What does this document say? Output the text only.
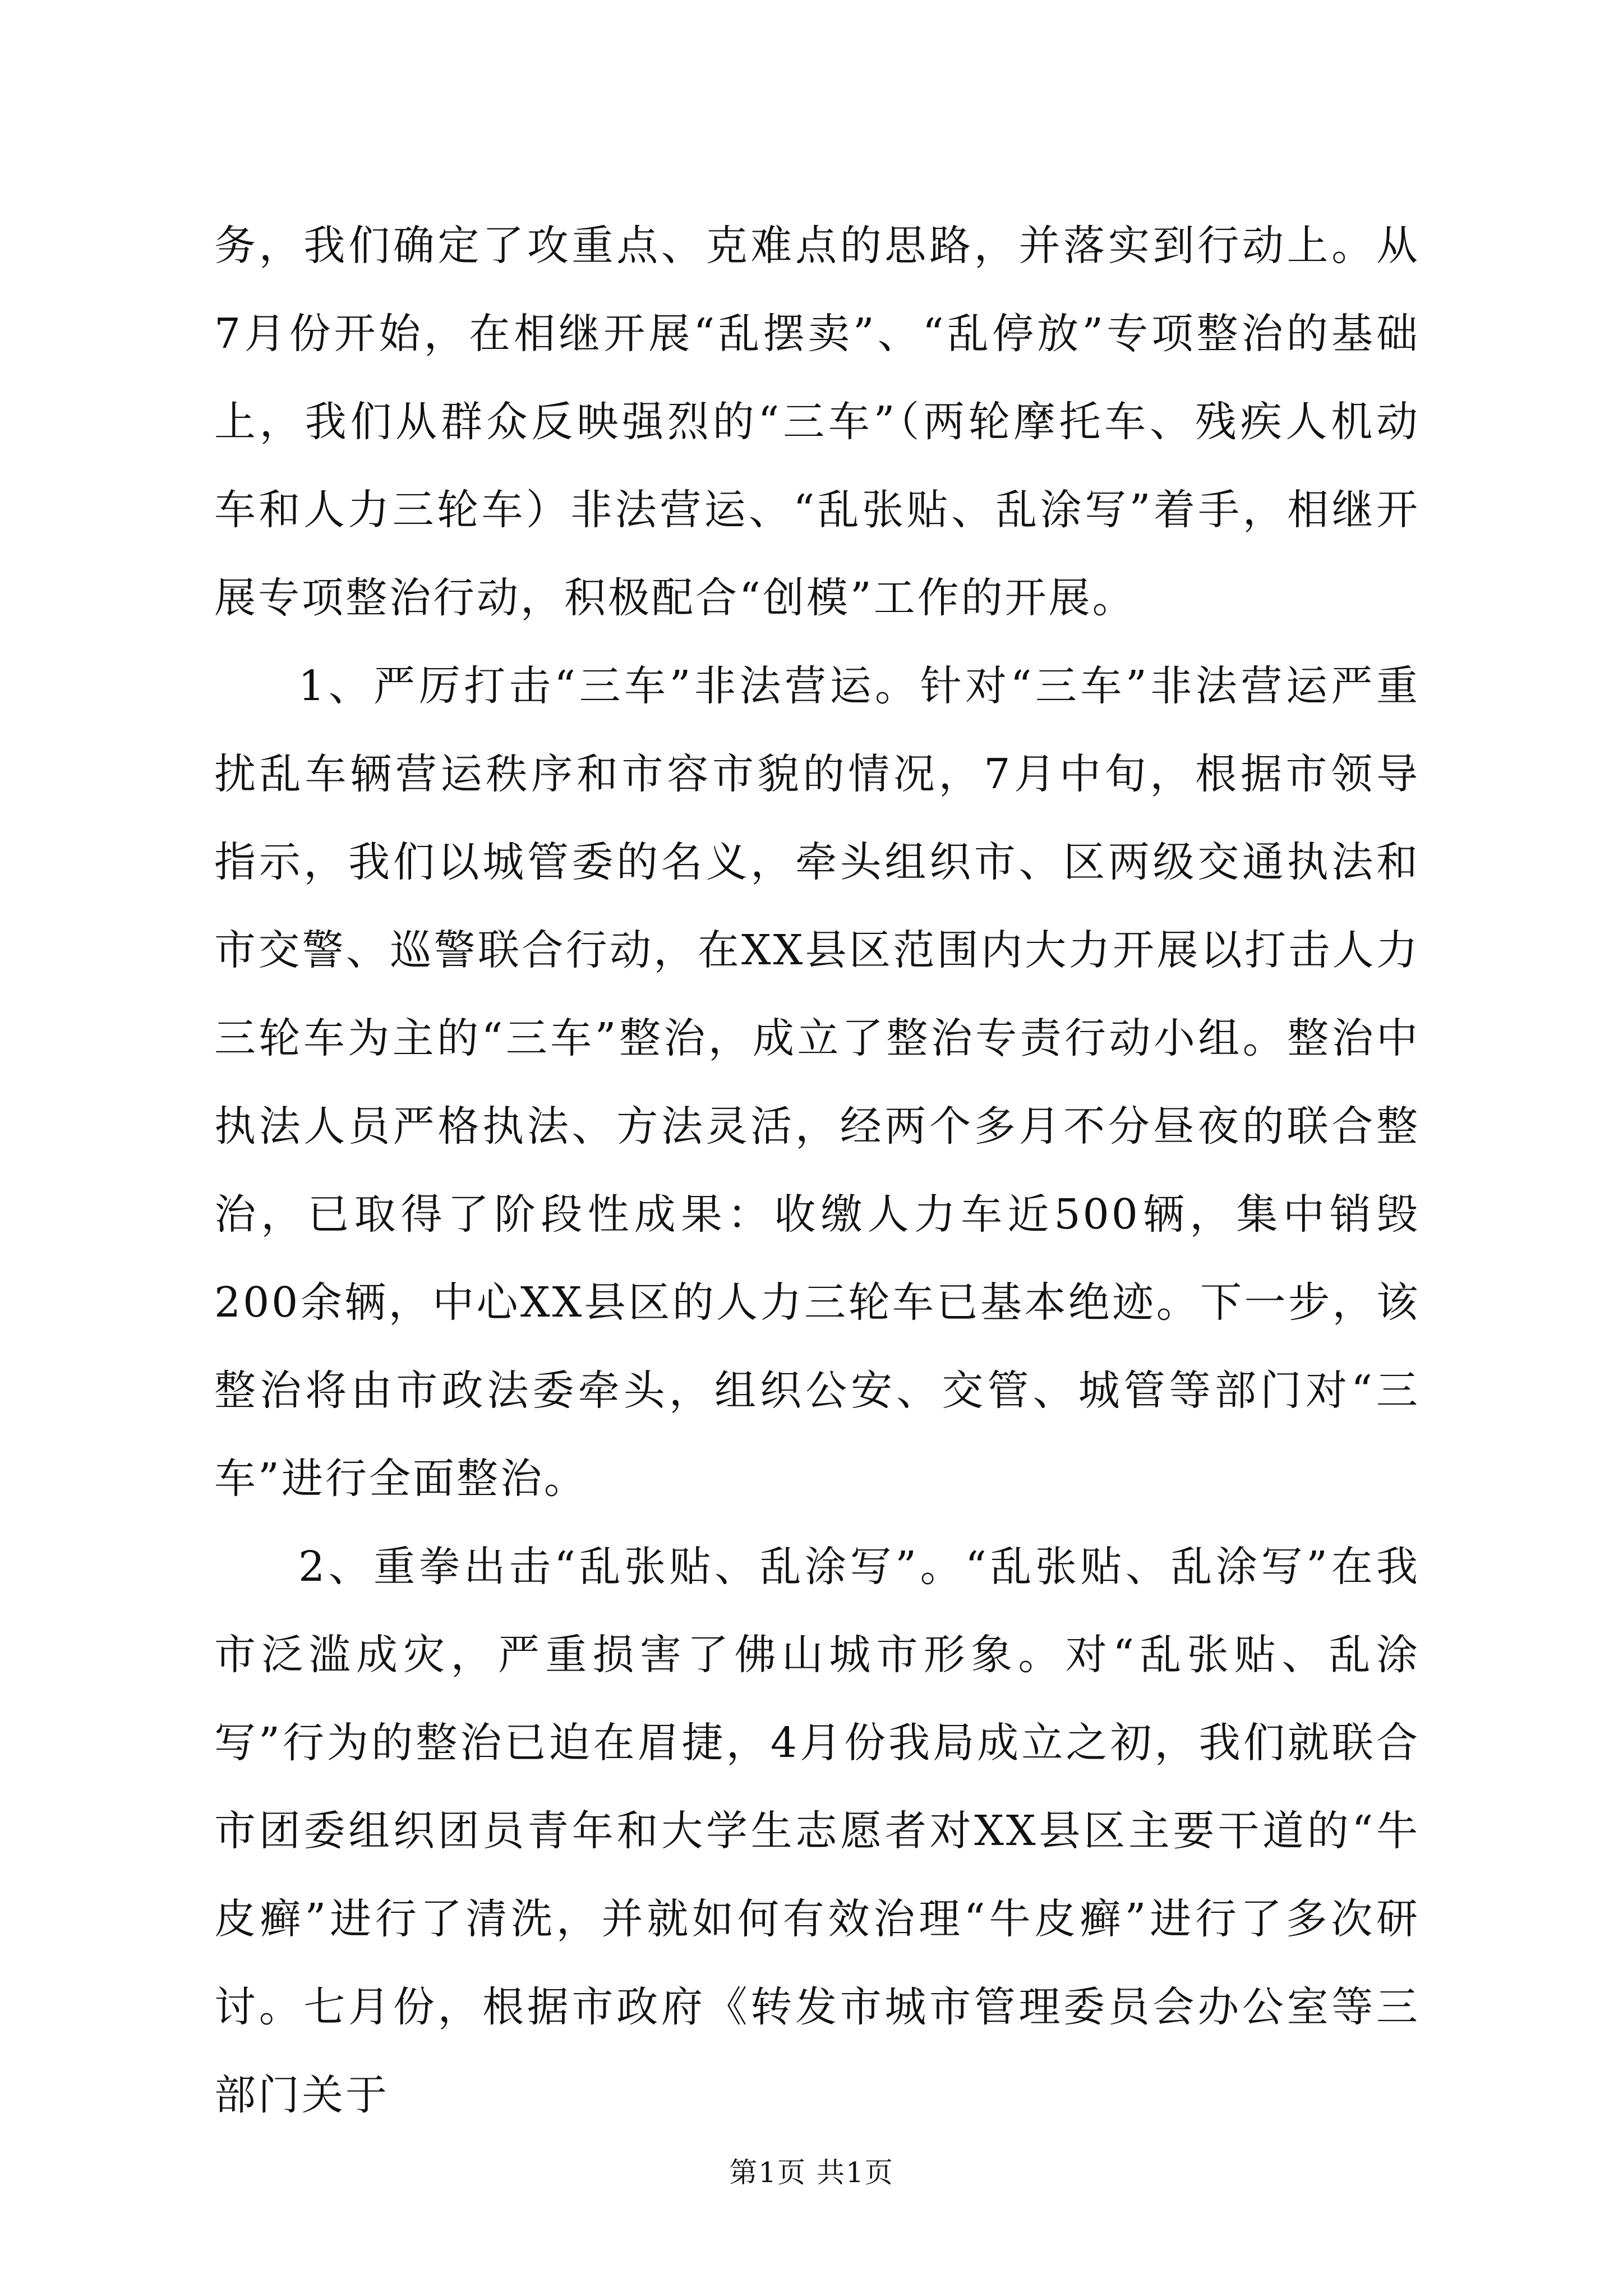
务，我们确定了攻重点、克难点的思路，并落实到行动上。从7月份开始，在相继开展“乱摆卖”、“乱停放”专项整治的基础上，我们从群众反映强烈的“三车”（两轮摩托车、残疾人机动车和人力三轮车）非法营运、“乱张贴、乱涂写”着手，相继开展专项整治行动，积极配合“创模”工作的开展。

1、严厉打击“三车”非法营运。针对“三车”非法营运严重扰乱车辆营运秩序和市容市貌的情况，7月中旬，根据市领导指示，我们以城管委的名义，牵头组织市、区两级交通执法和市交警、巡警联合行动，在XX县区范围内大力开展以打击人力三轮车为主的“三车”整治，成立了整治专责行动小组。整治中执法人员严格执法、方法灵活，经两个多月不分昼夜的联合整治，已取得了阶段性成果：收缴人力车近500辆，集中销毁200余辆，中心XX县区的人力三轮车已基本绝迹。下一步，该整治将由市政法委牵头，组织公安、交管、城管等部门对“三车”进行全面整治。

2、重拳出击“乱张贴、乱涂写”。“乱张贴、乱涂写”在我市泛滥成灾，严重损害了佛山城市形象。对“乱张贴、乱涂写”行为的整治已迫在眉捷，4月份我局成立之初，我们就联合市团委组织团员青年和大学生志愿者对XX县区主要干道的“牛皮癣”进行了清洗，并就如何有效治理“牛皮癣”进行了多次研讨。七月份，根据市政府《转发市城市管理委员会办公室等三部门关于

第1页 共1页
